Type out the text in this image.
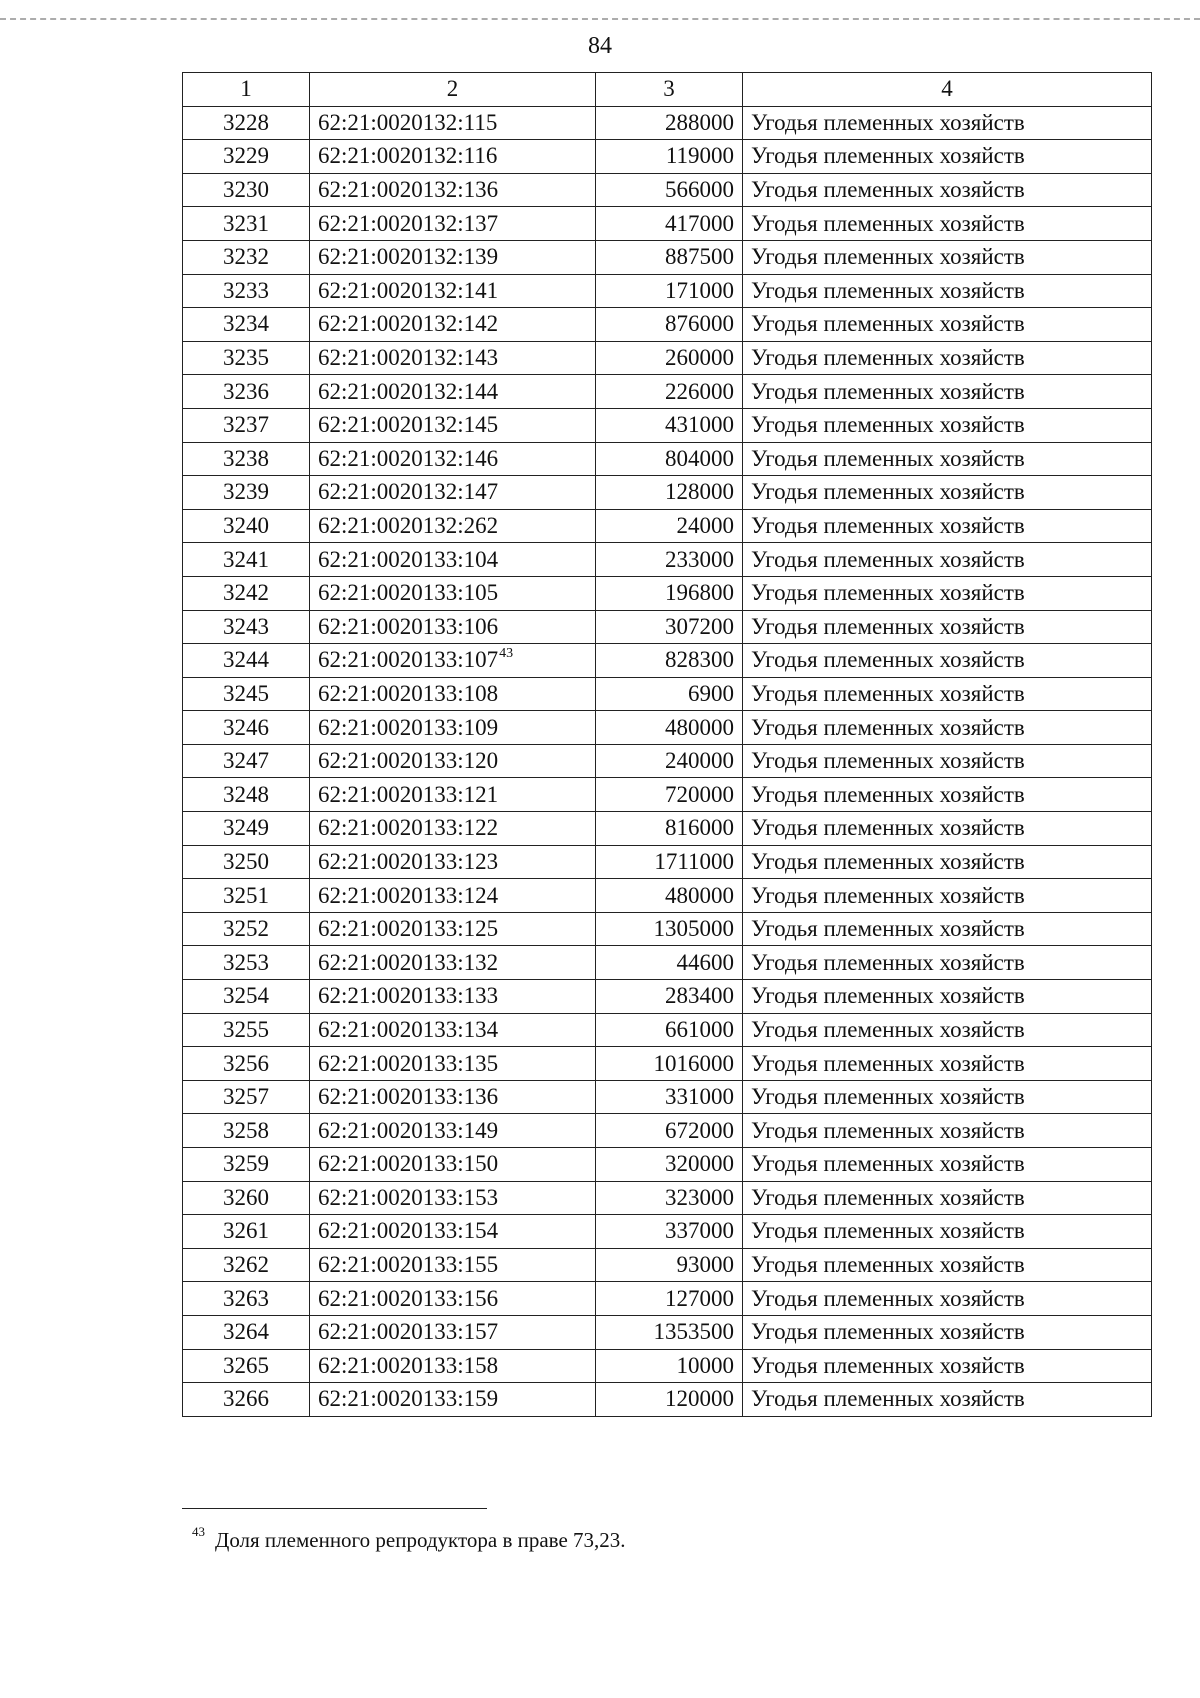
84
1	2	3	4
3228	62:21:0020132:115	288000	Угодья племенных хозяйств
3229	62:21:0020132:116	119000	Угодья племенных хозяйств
3230	62:21:0020132:136	566000	Угодья племенных хозяйств
3231	62:21:0020132:137	417000	Угодья племенных хозяйств
3232	62:21:0020132:139	887500	Угодья племенных хозяйств
3233	62:21:0020132:141	171000	Угодья племенных хозяйств
3234	62:21:0020132:142	876000	Угодья племенных хозяйств
3235	62:21:0020132:143	260000	Угодья племенных хозяйств
3236	62:21:0020132:144	226000	Угодья племенных хозяйств
3237	62:21:0020132:145	431000	Угодья племенных хозяйств
3238	62:21:0020132:146	804000	Угодья племенных хозяйств
3239	62:21:0020132:147	128000	Угодья племенных хозяйств
3240	62:21:0020132:262	24000	Угодья племенных хозяйств
3241	62:21:0020133:104	233000	Угодья племенных хозяйств
3242	62:21:0020133:105	196800	Угодья племенных хозяйств
3243	62:21:0020133:106	307200	Угодья племенных хозяйств
3244	62:21:0020133:107$^{43}$	828300	Угодья племенных хозяйств
3245	62:21:0020133:108	6900	Угодья племенных хозяйств
3246	62:21:0020133:109	480000	Угодья племенных хозяйств
3247	62:21:0020133:120	240000	Угодья племенных хозяйств
3248	62:21:0020133:121	720000	Угодья племенных хозяйств
3249	62:21:0020133:122	816000	Угодья племенных хозяйств
3250	62:21:0020133:123	1711000	Угодья племенных хозяйств
3251	62:21:0020133:124	480000	Угодья племенных хозяйств
3252	62:21:0020133:125	1305000	Угодья племенных хозяйств
3253	62:21:0020133:132	44600	Угодья племенных хозяйств
3254	62:21:0020133:133	283400	Угодья племенных хозяйств
3255	62:21:0020133:134	661000	Угодья племенных хозяйств
3256	62:21:0020133:135	1016000	Угодья племенных хозяйств
3257	62:21:0020133:136	331000	Угодья племенных хозяйств
3258	62:21:0020133:149	672000	Угодья племенных хозяйств
3259	62:21:0020133:150	320000	Угодья племенных хозяйств
3260	62:21:0020133:153	323000	Угодья племенных хозяйств
3261	62:21:0020133:154	337000	Угодья племенных хозяйств
3262	62:21:0020133:155	93000	Угодья племенных хозяйств
3263	62:21:0020133:156	127000	Угодья племенных хозяйств
3264	62:21:0020133:157	1353500	Угодья племенных хозяйств
3265	62:21:0020133:158	10000	Угодья племенных хозяйств
3266	62:21:0020133:159	120000	Угодья племенных хозяйств
$^{43}$ Доля племенного репродуктора в праве 73,23.
